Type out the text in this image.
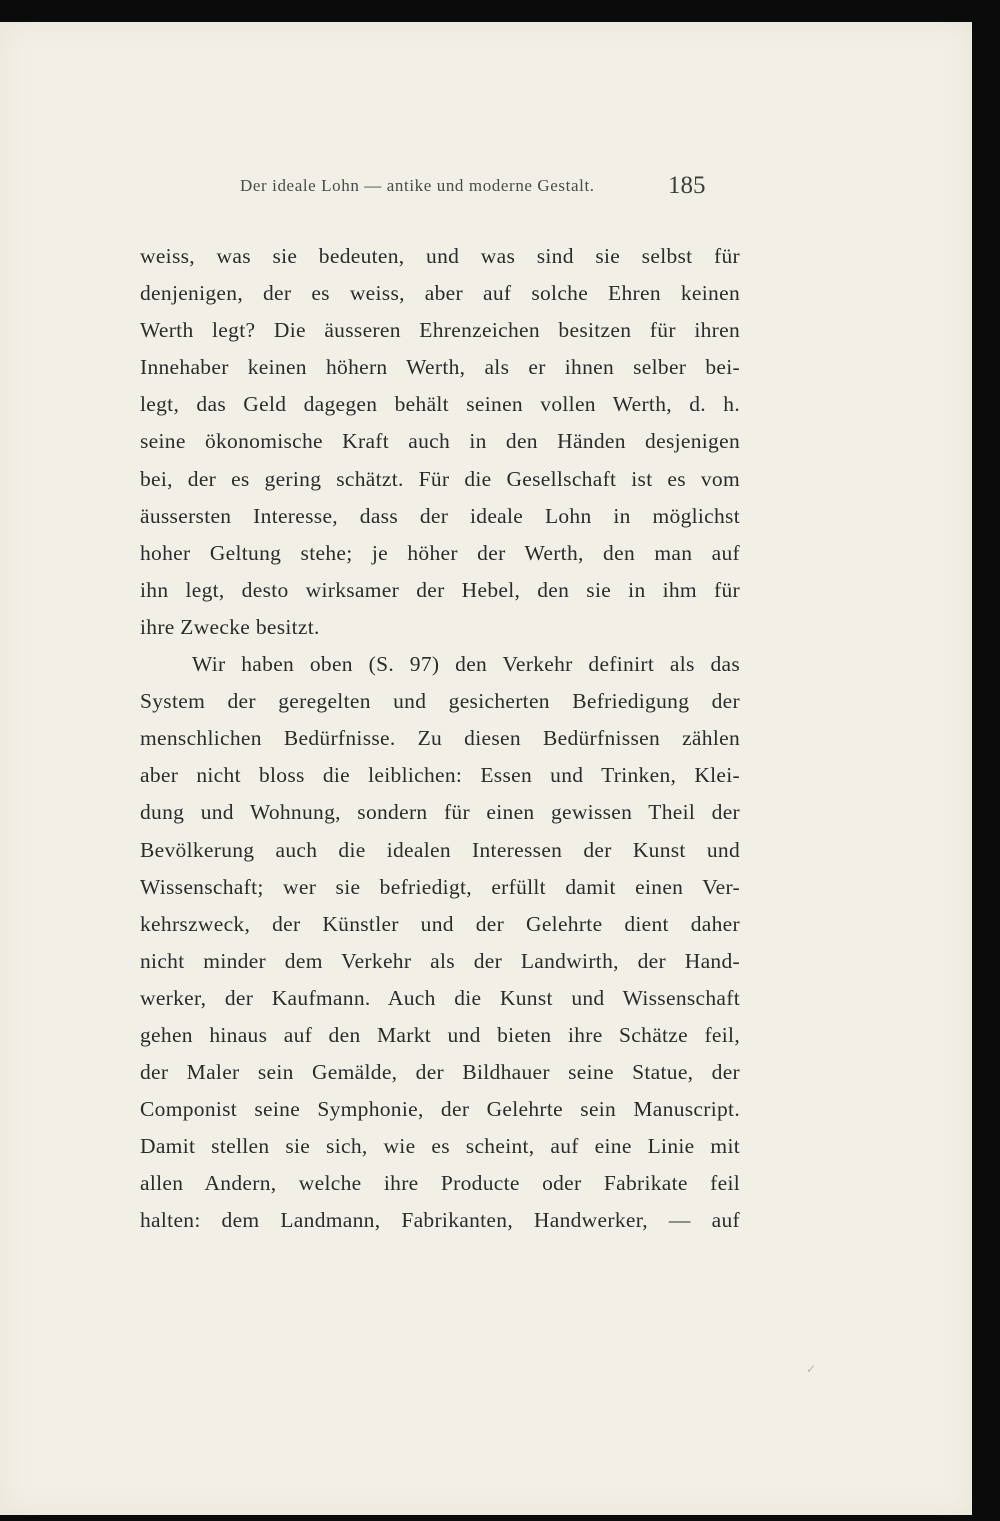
Der ideale Lohn — antike und moderne Gestalt.	185
weiss, was sie bedeuten, und was sind sie selbst für
denjenigen, der es weiss, aber auf solche Ehren keinen
Werth legt? Die äusseren Ehrenzeichen besitzen für ihren
Innehaber keinen höhern Werth, als er ihnen selber bei-
legt, das Geld dagegen behält seinen vollen Werth, d. h.
seine ökonomische Kraft auch in den Händen desjenigen
bei, der es gering schätzt. Für die Gesellschaft ist es vom
äussersten Interesse, dass der ideale Lohn in möglichst
hoher Geltung stehe; je höher der Werth, den man auf
ihn legt, desto wirksamer der Hebel, den sie in ihm für
ihre Zwecke besitzt.
Wir haben oben (S. 97) den Verkehr definirt als das
System der geregelten und gesicherten Befriedigung der
menschlichen Bedürfnisse. Zu diesen Bedürfnissen zählen
aber nicht bloss die leiblichen: Essen und Trinken, Klei-
dung und Wohnung, sondern für einen gewissen Theil der
Bevölkerung auch die idealen Interessen der Kunst und
Wissenschaft; wer sie befriedigt, erfüllt damit einen Ver-
kehrszweck, der Künstler und der Gelehrte dient daher
nicht minder dem Verkehr als der Landwirth, der Hand-
werker, der Kaufmann. Auch die Kunst und Wissenschaft
gehen hinaus auf den Markt und bieten ihre Schätze feil,
der Maler sein Gemälde, der Bildhauer seine Statue, der
Componist seine Symphonie, der Gelehrte sein Manuscript.
Damit stellen sie sich, wie es scheint, auf eine Linie mit
allen Andern, welche ihre Producte oder Fabrikate feil
halten: dem Landmann, Fabrikanten, Handwerker, — auf
✓
